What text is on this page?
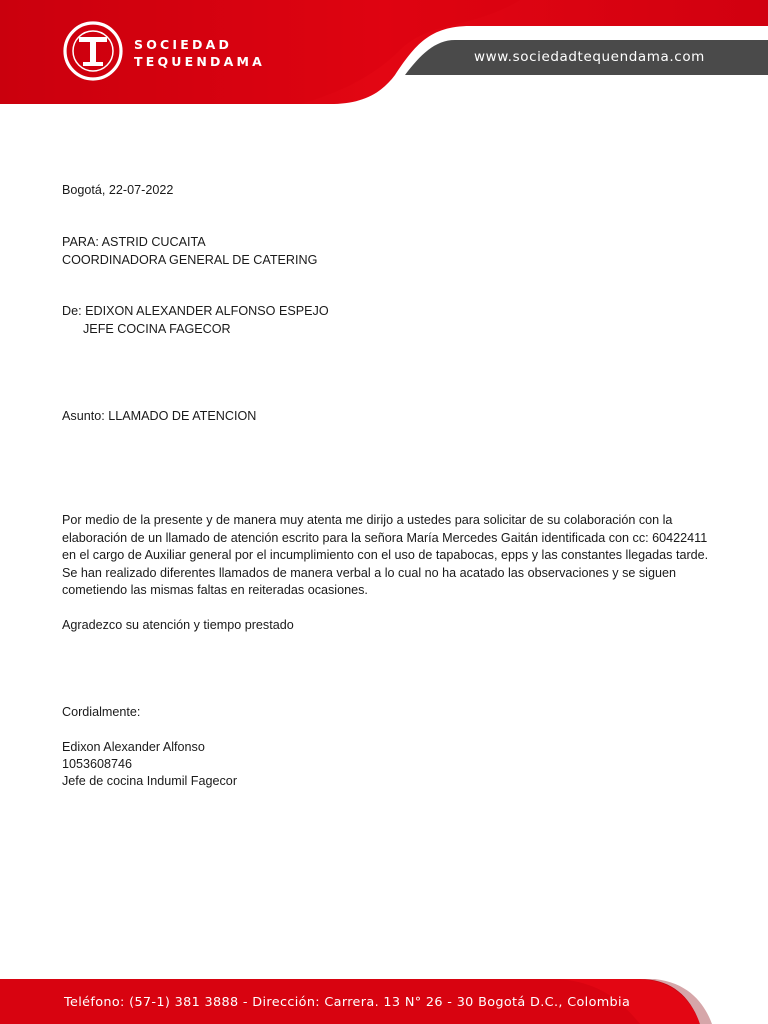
SOCIEDAD
TEQUENDAMA	www.sociedadtequendama.com
Bogotá, 22-07-2022
PARA: ASTRID CUCAITA
COORDINADORA GENERAL DE CATERING
De: EDIXON ALEXANDER ALFONSO ESPEJO
JEFE COCINA FAGECOR
Asunto: LLAMADO DE ATENCION
Por medio de la presente y de manera muy atenta me dirijo a ustedes para solicitar de su colaboración con la elaboración de un llamado de atención escrito para la señora María Mercedes Gaitán identificada con cc: 60422411 en el cargo de Auxiliar general por el incumplimiento con el uso de tapabocas, epps y las constantes llegadas tarde. Se han realizado diferentes llamados de manera verbal a lo cual no ha acatado las observaciones y se siguen cometiendo las mismas faltas en reiteradas ocasiones.
Agradezco su atención y tiempo prestado
Cordialmente:
Edixon Alexander Alfonso
1053608746
Jefe de cocina Indumil Fagecor
Teléfono: (57-1) 381 3888 - Dirección: Carrera. 13 N° 26 - 30 Bogotá D.C., Colombia
